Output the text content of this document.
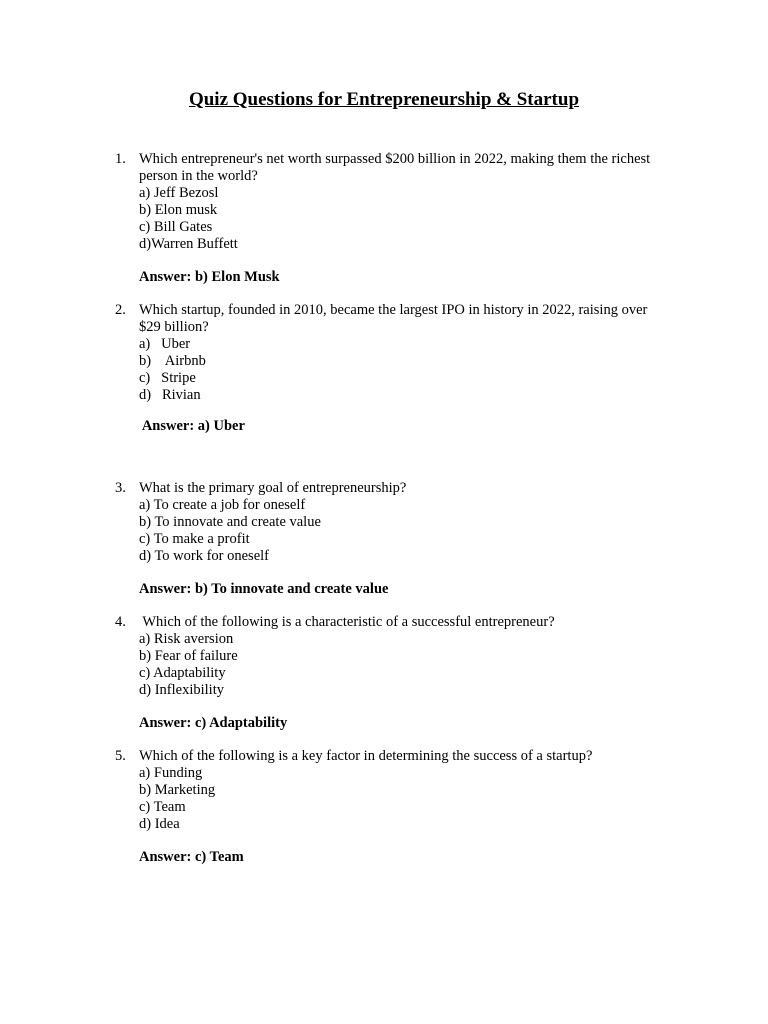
Quiz Questions for Entrepreneurship & Startup
1. Which entrepreneur's net worth surpassed $200 billion in 2022, making them the richest person in the world?
a) Jeff Bezosl
b) Elon musk
c) Bill Gates
d)Warren Buffett
Answer: b) Elon Musk
2. Which startup, founded in 2010, became the largest IPO in history in 2022, raising over $29 billion?
a)   Uber
b)    Airbnb
c)   Stripe
d)   Rivian
Answer: a) Uber
3. What is the primary goal of entrepreneurship?
a) To create a job for oneself
b) To innovate and create value
c) To make a profit
d) To work for oneself
Answer: b) To innovate and create value
4. Which of the following is a characteristic of a successful entrepreneur?
a) Risk aversion
b) Fear of failure
c) Adaptability
d) Inflexibility
Answer: c) Adaptability
5. Which of the following is a key factor in determining the success of a startup?
a) Funding
b) Marketing
c) Team
d) Idea
Answer: c) Team
